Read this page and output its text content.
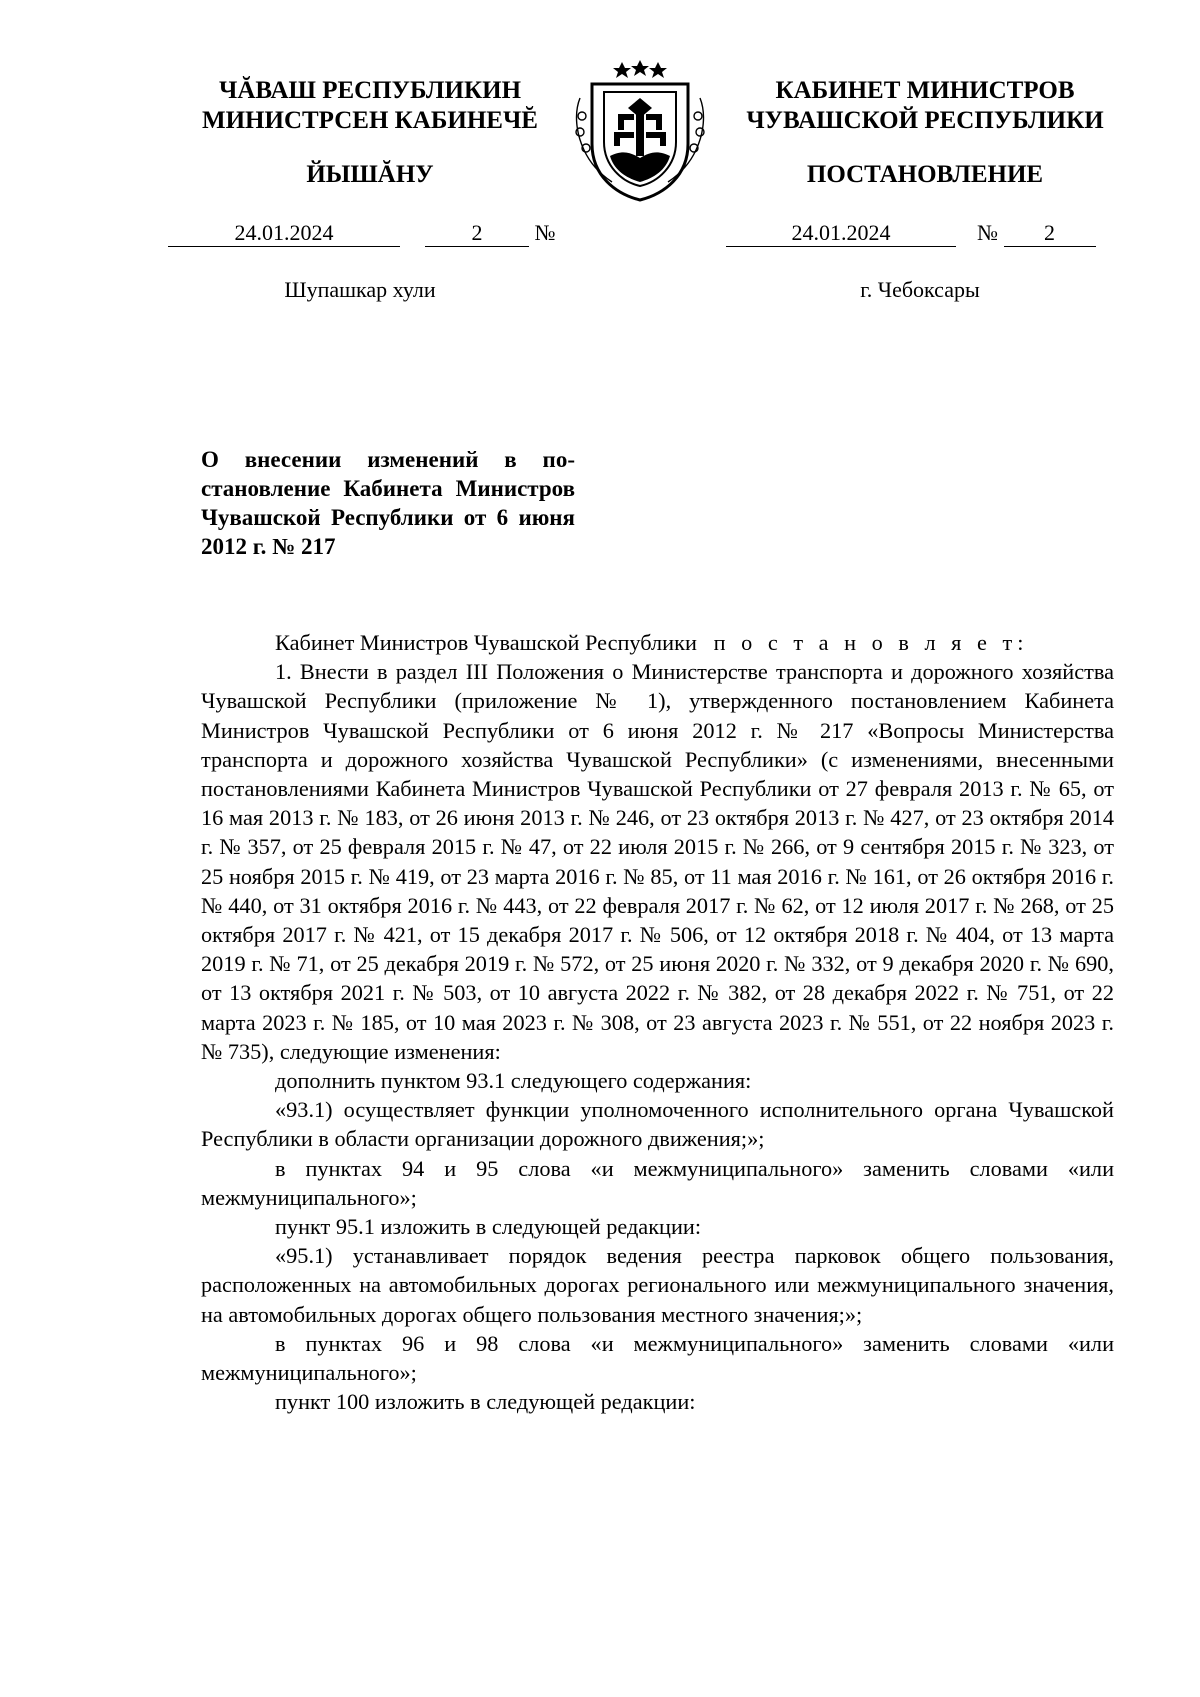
ЧĂВАШ РЕСПУБЛИКИН
МИНИСТРСЕН КАБИНЕЧĔ
КАБИНЕТ МИНИСТРОВ
ЧУВАШСКОЙ РЕСПУБЛИКИ
ЙЫШĂНУ	ПОСТАНОВЛЕНИЕ
24.01.2024	2 №	24.01.2024	№ 2
Шупашкар хули	г. Чебоксары
О внесении изменений в постановление Кабинета Министров Чувашской Республики от 6 июня 2012 г. № 217

Кабинет Министров Чувашской Республики п о с т а н о в л я е т:

1. Внести в раздел III Положения о Министерстве транспорта и дорожного хозяйства Чувашской Республики (приложение № 1), утвержденного постановлением Кабинета Министров Чувашской Республики от 6 июня 2012 г. № 217 «Вопросы Министерства транспорта и дорожного хозяйства Чувашской Республики» (с изменениями, внесенными постановлениями Кабинета Министров Чувашской Республики от 27 февраля 2013 г. № 65, от 16 мая 2013 г. № 183, от 26 июня 2013 г. № 246, от 23 октября 2013 г. № 427, от 23 октября 2014 г. № 357, от 25 февраля 2015 г. № 47, от 22 июля 2015 г. № 266, от 9 сентября 2015 г. № 323, от 25 ноября 2015 г. № 419, от 23 марта 2016 г. № 85, от 11 мая 2016 г. № 161, от 26 октября 2016 г. № 440, от 31 октября 2016 г. № 443, от 22 февраля 2017 г. № 62, от 12 июля 2017 г. № 268, от 25 октября 2017 г. № 421, от 15 декабря 2017 г. № 506, от 12 октября 2018 г. № 404, от 13 марта 2019 г. № 71, от 25 декабря 2019 г. № 572, от 25 июня 2020 г. № 332, от 9 декабря 2020 г. № 690, от 13 октября 2021 г. № 503, от 10 августа 2022 г. № 382, от 28 декабря 2022 г. № 751, от 22 марта 2023 г. № 185, от 10 мая 2023 г. № 308, от 23 августа 2023 г. № 551, от 22 ноября 2023 г. № 735), следующие изменения:

дополнить пунктом 93.1 следующего содержания:

«93.1) осуществляет функции уполномоченного исполнительного органа Чувашской Республики в области организации дорожного движения;»;

в пунктах 94 и 95 слова «и межмуниципального» заменить словами «или межмуниципального»;

пункт 95.1 изложить в следующей редакции:

«95.1) устанавливает порядок ведения реестра парковок общего пользования, расположенных на автомобильных дорогах регионального или межмуниципального значения, на автомобильных дорогах общего пользования местного значения;»;

в пунктах 96 и 98 слова «и межмуниципального» заменить словами «или межмуниципального»;

пункт 100 изложить в следующей редакции:
